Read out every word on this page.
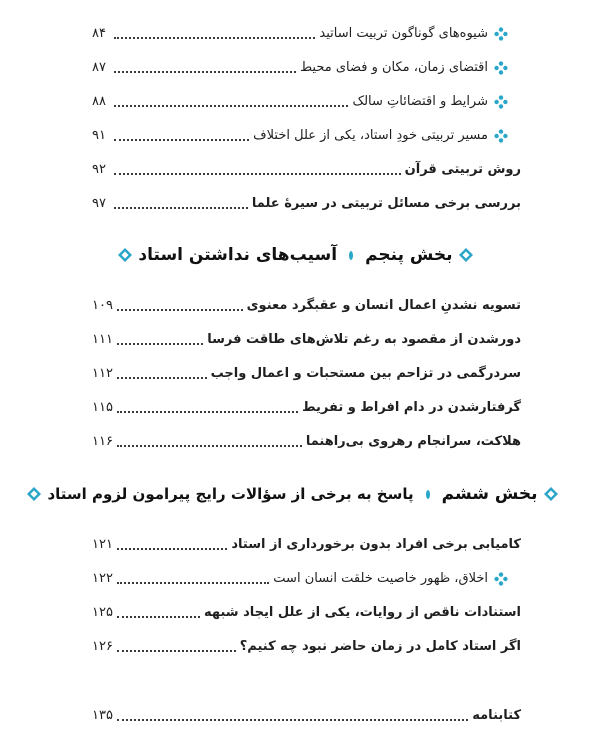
شیوه‌های گوناگون تربیت اساتید
۸۴
اقتضای زمان، مکان و فضای محیط
۸۷
شرایط و اقتضائاتِ سالک
۸۸
مسیر تربیتی خودِ استاد، یکی از علل اختلاف
۹۱
روش تربیتی قرآن
۹۲
بررسی برخی مسائل تربیتی در سیرهٔ علما
۹۷
بخش پنجم
آسیب‌های نداشتن استاد
تسویه نشدنِ اعمال انسان و عقبگرد معنوی
۱۰۹
دورشدن از مقصود به رغم تلاش‌های طاقت فرسا
۱۱۱
سردرگمی در تزاحم بین مستحبات و اعمال واجب
۱۱۲
گرفتارشدن در دام افراط و تفریط
۱۱۵
هلاکت، سرانجام رهروی بی‌راهنما
۱۱۶
بخش ششم
پاسخ به برخی از سؤالات رایج پیرامون لزوم استاد
کامیابی برخی افراد بدون برخورداری از استاد
۱۲۱
اخلاق، ظهور خاصیت خلقت انسان است
۱۲۲
استنادات ناقص از روایات، یکی از علل ایجاد شبهه
۱۲۵
اگر استاد کامل در زمان حاضر نبود چه کنیم؟
۱۲۶
کتابنامه
۱۳۵
